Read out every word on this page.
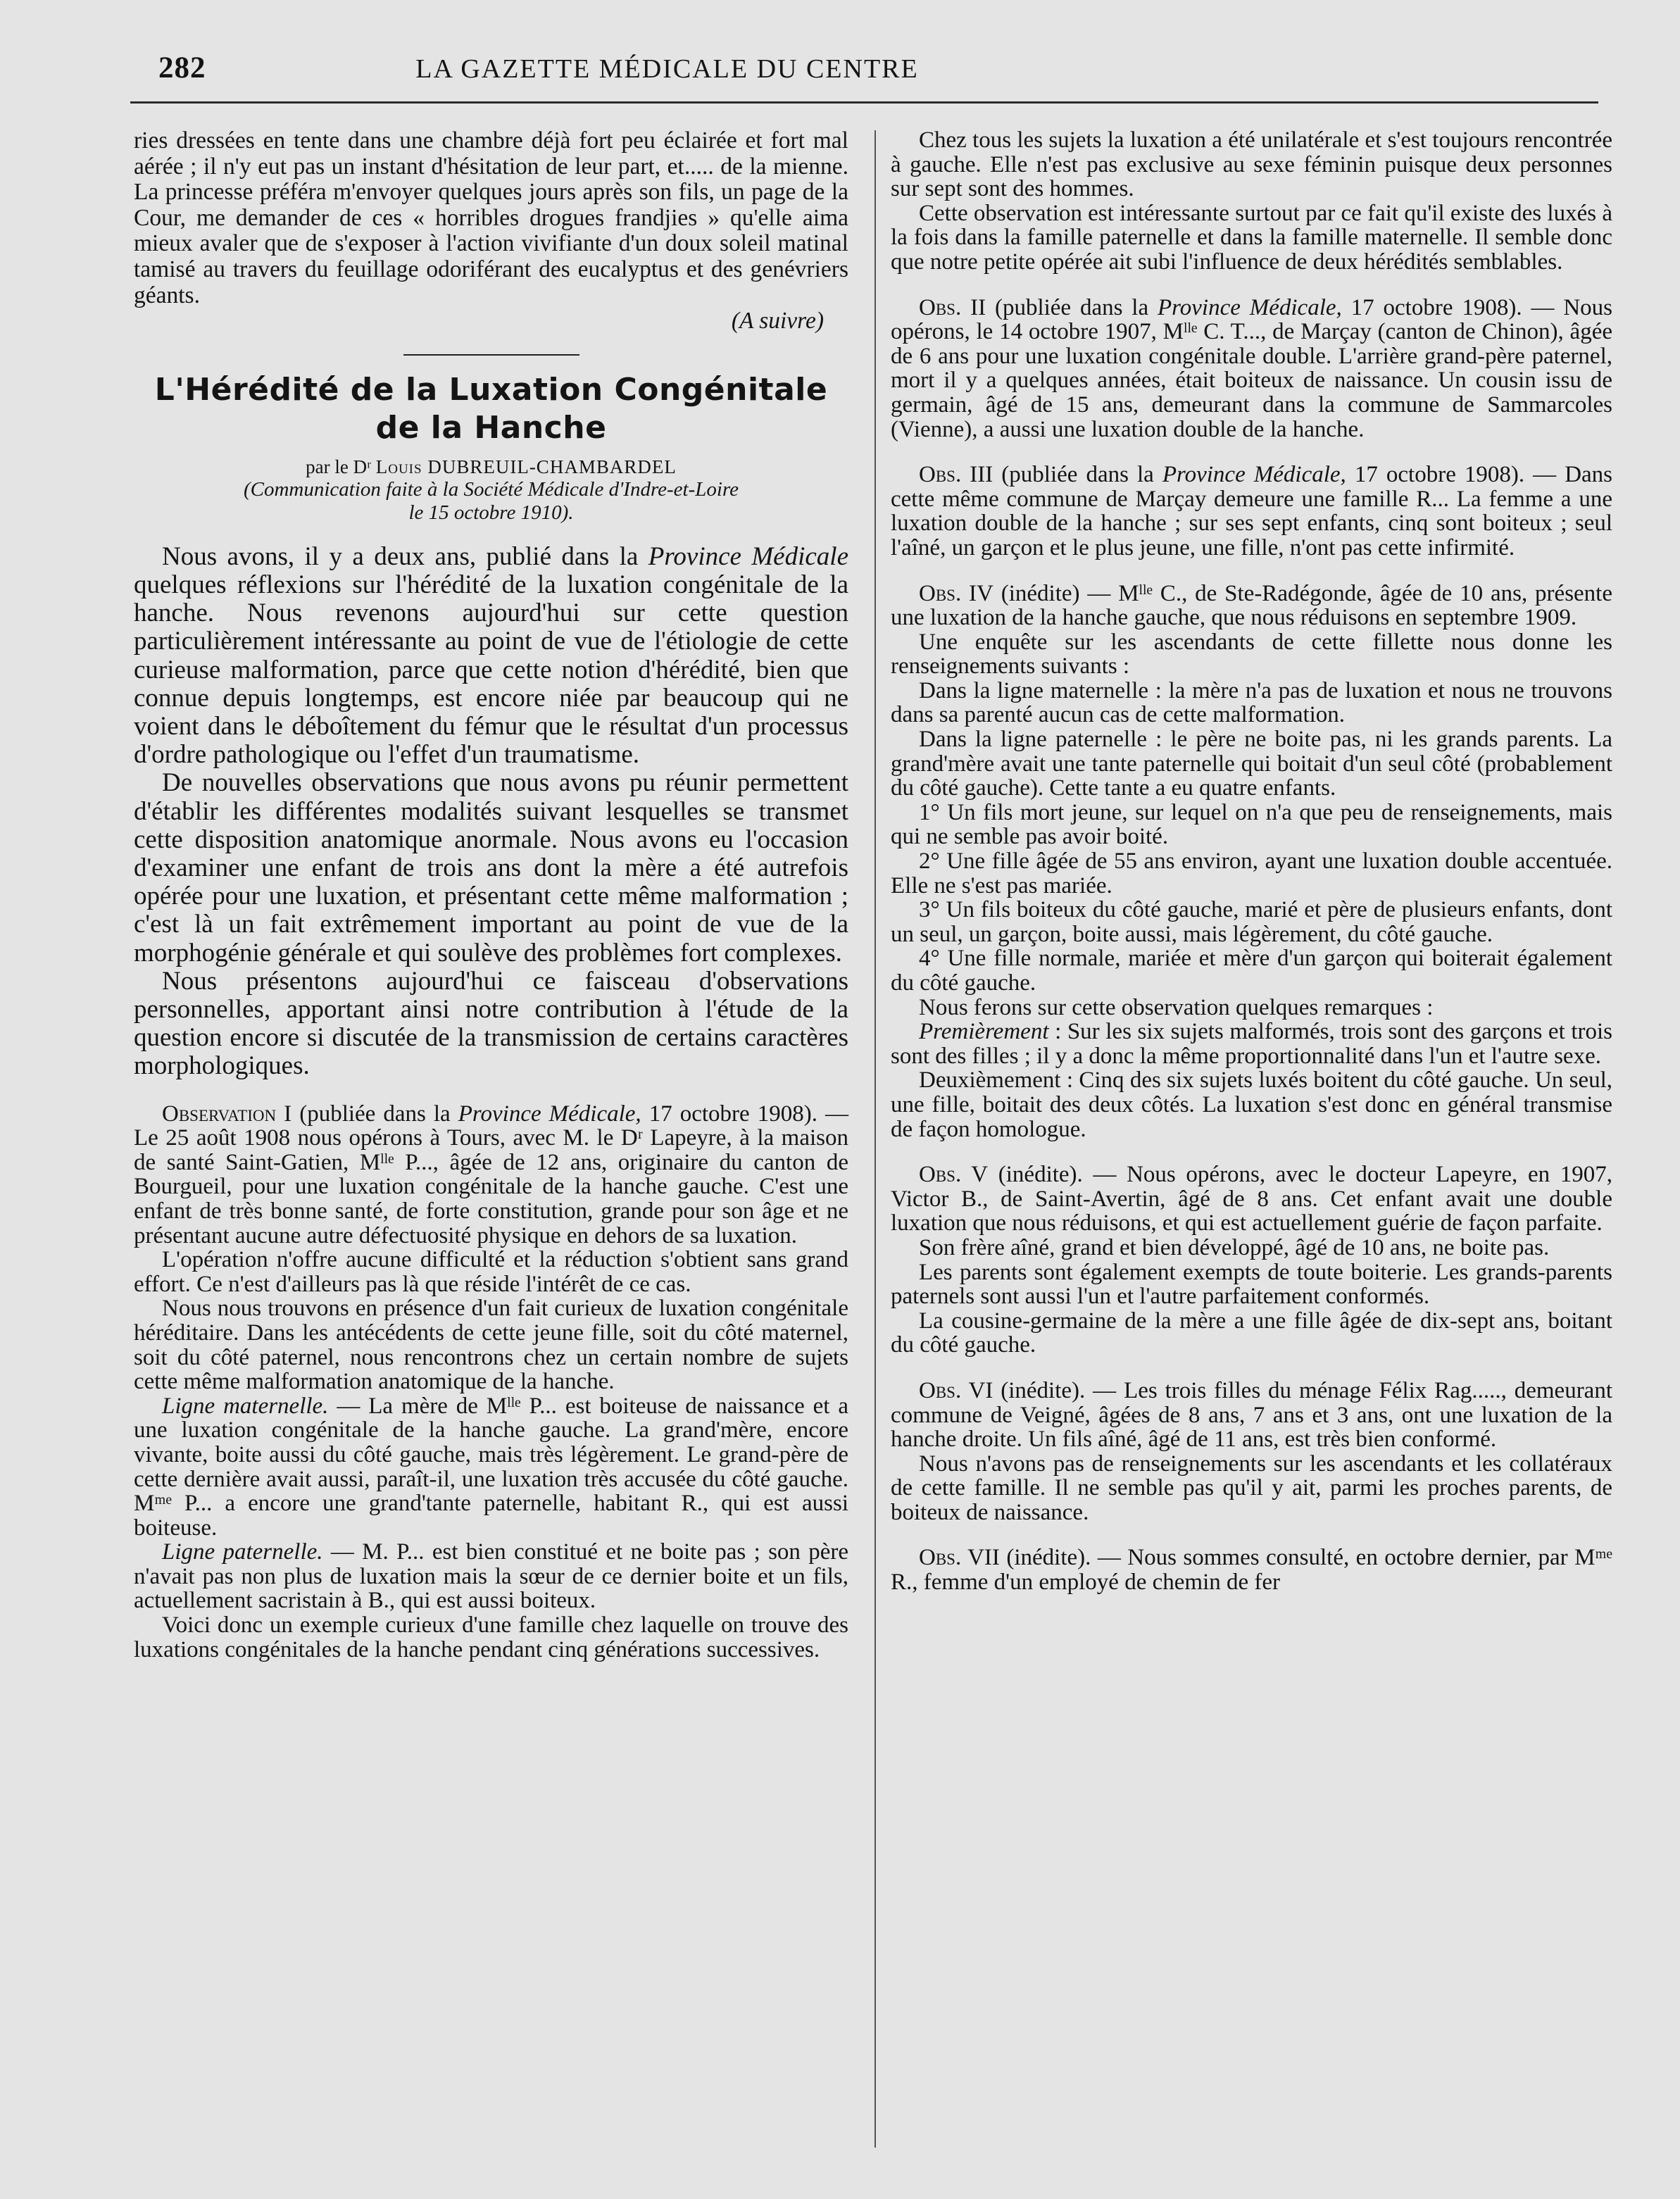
282	LA GAZETTE MÉDICALE DU CENTRE

ries dressées en tente dans une chambre déjà fort peu éclairée et fort mal aérée ; il n'y eut pas un instant d'hésitation de leur part, et..... de la mienne. La princesse préféra m'envoyer quelques jours après son fils, un page de la Cour, me demander de ces « horribles drogues frandjies » qu'elle aima mieux avaler que de s'exposer à l'action vivifiante d'un doux soleil matinal tamisé au travers du feuillage odoriférant des eucalyptus et des genévriers géants.

(A suivre)

L'Hérédité de la Luxation Congénitale
de la Hanche
par le Dʳ Louis DUBREUIL-CHAMBARDEL
(Communication faite à la Société Médicale d'Indre-et-Loire
le 15 octobre 1910).

Nous avons, il y a deux ans, publié dans la Province Médicale quelques réflexions sur l'hérédité de la luxation congénitale de la hanche. Nous revenons aujourd'hui sur cette question particulièrement intéressante au point de vue de l'étiologie de cette curieuse malformation, parce que cette notion d'hérédité, bien que connue depuis longtemps, est encore niée par beaucoup qui ne voient dans le déboîtement du fémur que le résultat d'un processus d'ordre pathologique ou l'effet d'un traumatisme.

De nouvelles observations que nous avons pu réunir permettent d'établir les différentes modalités suivant lesquelles se transmet cette disposition anatomique anormale. Nous avons eu l'occasion d'examiner une enfant de trois ans dont la mère a été autrefois opérée pour une luxation, et présentant cette même malformation ; c'est là un fait extrêmement important au point de vue de la morphogénie générale et qui soulève des problèmes fort complexes.

Nous présentons aujourd'hui ce faisceau d'observations personnelles, apportant ainsi notre contribution à l'étude de la question encore si discutée de la transmission de certains caractères morphologiques.

Observation I (publiée dans la Province Médicale, 17 octobre 1908). — Le 25 août 1908 nous opérons à Tours, avec M. le Dʳ Lapeyre, à la maison de santé Saint-Gatien, Mˡˡᵉ P..., âgée de 12 ans, originaire du canton de Bourgueil, pour une luxation congénitale de la hanche gauche. C'est une enfant de très bonne santé, de forte constitution, grande pour son âge et ne présentant aucune autre défectuosité physique en dehors de sa luxation.

L'opération n'offre aucune difficulté et la réduction s'obtient sans grand effort. Ce n'est d'ailleurs pas là que réside l'intérêt de ce cas.

Nous nous trouvons en présence d'un fait curieux de luxation congénitale héréditaire. Dans les antécédents de cette jeune fille, soit du côté maternel, soit du côté paternel, nous rencontrons chez un certain nombre de sujets cette même malformation anatomique de la hanche.

Ligne maternelle. — La mère de Mˡˡᵉ P... est boiteuse de naissance et a une luxation congénitale de la hanche gauche. La grand'mère, encore vivante, boite aussi du côté gauche, mais très légèrement. Le grand-père de cette dernière avait aussi, paraît-il, une luxation très accusée du côté gauche. Mᵐᵉ P... a encore une grand'tante paternelle, habitant R., qui est aussi boiteuse.

Ligne paternelle. — M. P... est bien constitué et ne boite pas ; son père n'avait pas non plus de luxation mais la sœur de ce dernier boite et un fils, actuellement sacristain à B., qui est aussi boiteux.

Voici donc un exemple curieux d'une famille chez laquelle on trouve des luxations congénitales de la hanche pendant cinq générations successives.

Chez tous les sujets la luxation a été unilatérale et s'est toujours rencontrée à gauche. Elle n'est pas exclusive au sexe féminin puisque deux personnes sur sept sont des hommes.

Cette observation est intéressante surtout par ce fait qu'il existe des luxés à la fois dans la famille paternelle et dans la famille maternelle. Il semble donc que notre petite opérée ait subi l'influence de deux hérédités semblables.

Obs. II (publiée dans la Province Médicale, 17 octobre 1908). — Nous opérons, le 14 octobre 1907, Mˡˡᵉ C. T..., de Marçay (canton de Chinon), âgée de 6 ans pour une luxation congénitale double. L'arrière grand-père paternel, mort il y a quelques années, était boiteux de naissance. Un cousin issu de germain, âgé de 15 ans, demeurant dans la commune de Sammarcoles (Vienne), a aussi une luxation double de la hanche.

Obs. III (publiée dans la Province Médicale, 17 octobre 1908). — Dans cette même commune de Marçay demeure une famille R... La femme a une luxation double de la hanche ; sur ses sept enfants, cinq sont boiteux ; seul l'aîné, un garçon et le plus jeune, une fille, n'ont pas cette infirmité.

Obs. IV (inédite) — Mˡˡᵉ C., de Ste-Radégonde, âgée de 10 ans, présente une luxation de la hanche gauche, que nous réduisons en septembre 1909.

Une enquête sur les ascendants de cette fillette nous donne les renseignements suivants :

Dans la ligne maternelle : la mère n'a pas de luxation et nous ne trouvons dans sa parenté aucun cas de cette malformation.

Dans la ligne paternelle : le père ne boite pas, ni les grands parents. La grand'mère avait une tante paternelle qui boitait d'un seul côté (probablement du côté gauche). Cette tante a eu quatre enfants.

1° Un fils mort jeune, sur lequel on n'a que peu de renseignements, mais qui ne semble pas avoir boité.

2° Une fille âgée de 55 ans environ, ayant une luxation double accentuée. Elle ne s'est pas mariée.

3° Un fils boiteux du côté gauche, marié et père de plusieurs enfants, dont un seul, un garçon, boite aussi, mais légèrement, du côté gauche.

4° Une fille normale, mariée et mère d'un garçon qui boiterait également du côté gauche.

Nous ferons sur cette observation quelques remarques :

Premièrement : Sur les six sujets malformés, trois sont des garçons et trois sont des filles ; il y a donc la même proportionnalité dans l'un et l'autre sexe.

Deuxièmement : Cinq des six sujets luxés boitent du côté gauche. Un seul, une fille, boitait des deux côtés. La luxation s'est donc en général transmise de façon homologue.

Obs. V (inédite). — Nous opérons, avec le docteur Lapeyre, en 1907, Victor B., de Saint-Avertin, âgé de 8 ans. Cet enfant avait une double luxation que nous réduisons, et qui est actuellement guérie de façon parfaite.

Son frère aîné, grand et bien développé, âgé de 10 ans, ne boite pas.

Les parents sont également exempts de toute boiterie. Les grands-parents paternels sont aussi l'un et l'autre parfaitement conformés.

La cousine-germaine de la mère a une fille âgée de dix-sept ans, boitant du côté gauche.

Obs. VI (inédite). — Les trois filles du ménage Félix Rag....., demeurant commune de Veigné, âgées de 8 ans, 7 ans et 3 ans, ont une luxation de la hanche droite. Un fils aîné, âgé de 11 ans, est très bien conformé.

Nous n'avons pas de renseignements sur les ascendants et les collatéraux de cette famille. Il ne semble pas qu'il y ait, parmi les proches parents, de boiteux de naissance.

Obs. VII (inédite). — Nous sommes consulté, en octobre dernier, par Mᵐᵉ R., femme d'un employé de chemin de fer
